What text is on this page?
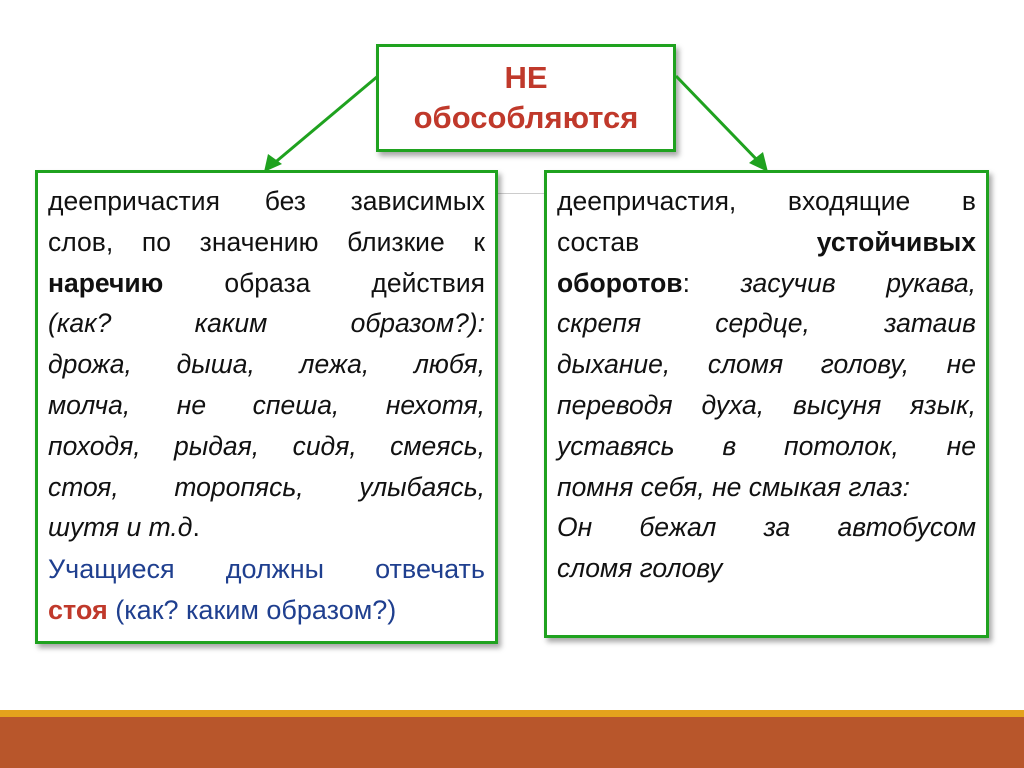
НЕ
обособляются
деепричастия без зависимых
слов, по значению близкие к
наречию образа действия
(как? каким образом?):
дрожа, дыша, лежа, любя,
молча, не спеша, нехотя,
походя, рыдая, сидя, смеясь,
стоя, торопясь, улыбаясь,
шутя и т.д.
Учащиеся должны отвечать
стоя (как? каким образом?)
деепричастия, входящие в
состав устойчивых
оборотов: засучив рукава,
скрепя сердце, затаив
дыхание, сломя голову, не
переводя духа, высуня язык,
уставясь в потолок, не
помня себя, не смыкая глаз:
Он бежал за автобусом
сломя голову
